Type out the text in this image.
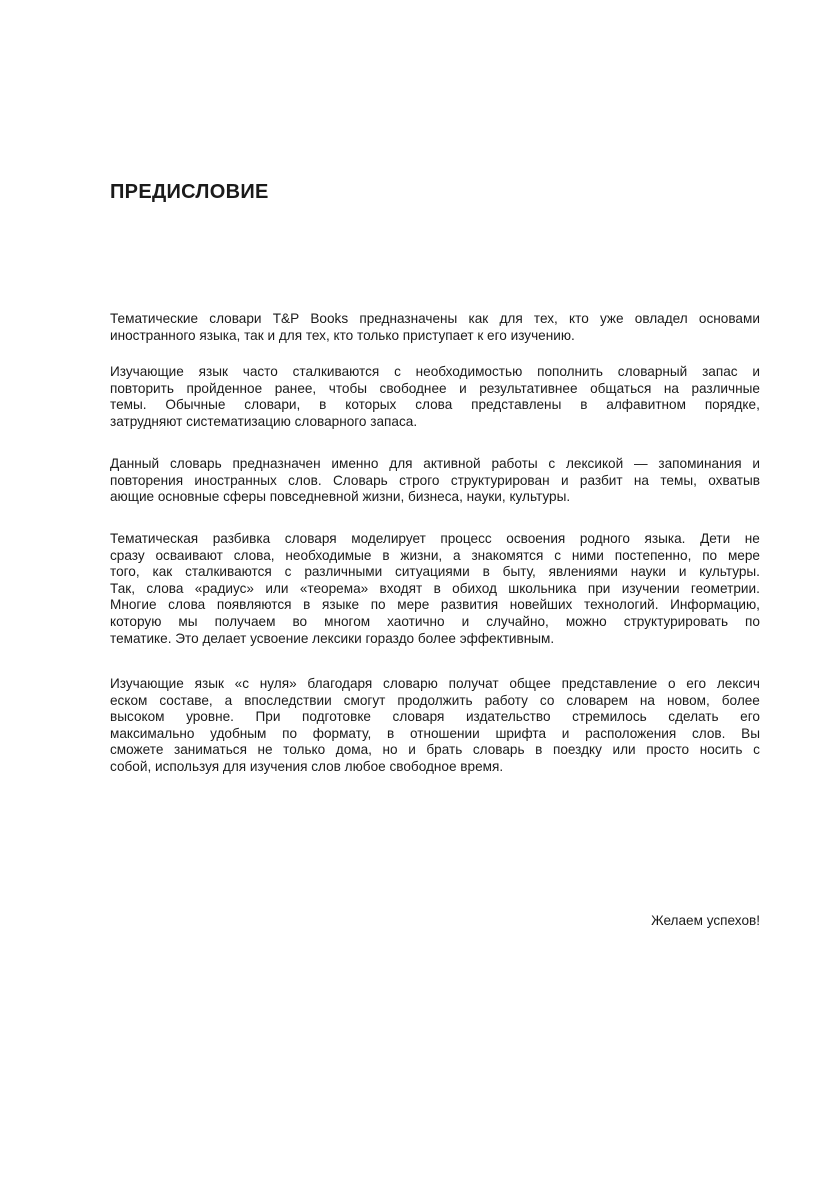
ПРЕДИСЛОВИЕ
Тематические словари T&P Books предназначены как для тех, кто уже овладел основами
иностранного языка, так и для тех, кто только приступает к его изучению.
Изучающие язык часто сталкиваются с необходимостью пополнить словарный запас и
повторить пройденное ранее, чтобы свободнее и результативнее общаться на различные
темы. Обычные словари, в которых слова представлены в алфавитном порядке,
затрудняют систематизацию словарного запаса.
Данный словарь предназначен именно для активной работы с лексикой — запоминания и
повторения иностранных слов. Словарь строго структурирован и разбит на темы, охватыв
ающие основные сферы повседневной жизни, бизнеса, науки, культуры.
Тематическая разбивка словаря моделирует процесс освоения родного языка. Дети не
сразу осваивают слова, необходимые в жизни, а знакомятся с ними постепенно, по мере
того, как сталкиваются с различными ситуациями в быту, явлениями науки и культуры.
Так, слова «радиус» или «теорема» входят в обиход школьника при изучении геометрии.
Многие слова появляются в языке по мере развития новейших технологий. Информацию,
которую мы получаем во многом хаотично и случайно, можно структурировать по
тематике. Это делает усвоение лексики гораздо более эффективным.
Изучающие язык «с нуля» благодаря словарю получат общее представление о его лексич
еском составе, а впоследствии смогут продолжить работу со словарем на новом, более
высоком уровне. При подготовке словаря издательство стремилось сделать его
максимально удобным по формату, в отношении шрифта и расположения слов. Вы
сможете заниматься не только дома, но и брать словарь в поездку или просто носить с
собой, используя для изучения слов любое свободное время.
Желаем успехов!
